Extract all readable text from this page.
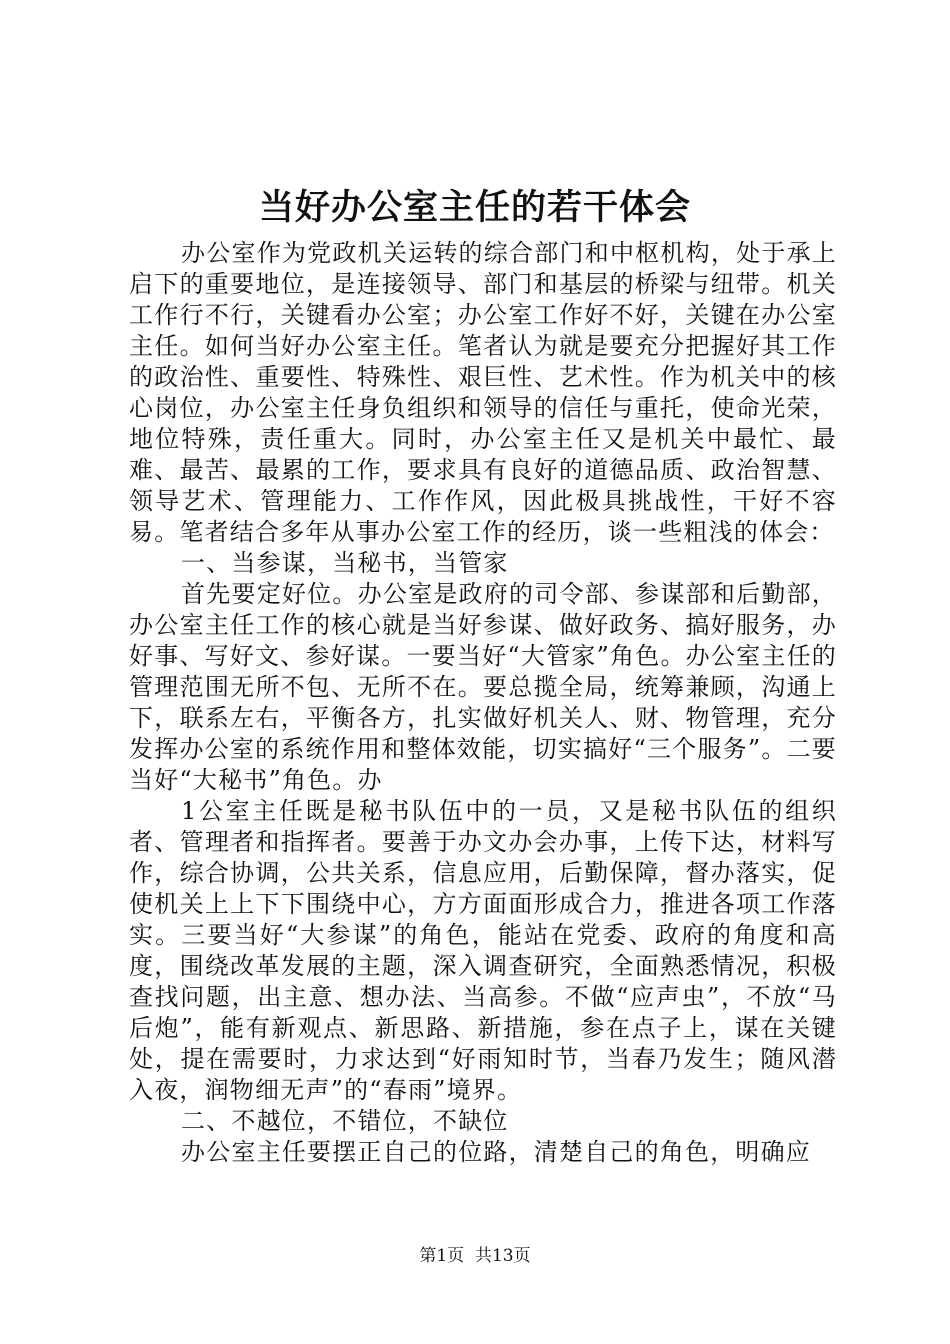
当好办公室主任的若干体会

办公室作为党政机关运转的综合部门和中枢机构，处于承上启下的重要地位，是连接领导、部门和基层的桥梁与纽带。机关工作行不行，关键看办公室；办公室工作好不好，关键在办公室主任。如何当好办公室主任。笔者认为就是要充分把握好其工作的政治性、重要性、特殊性、艰巨性、艺术性。作为机关中的核心岗位，办公室主任身负组织和领导的信任与重托，使命光荣，地位特殊，责任重大。同时，办公室主任又是机关中最忙、最难、最苦、最累的工作，要求具有良好的道德品质、政治智慧、领导艺术、管理能力、工作作风，因此极具挑战性，干好不容易。笔者结合多年从事办公室工作的经历，谈一些粗浅的体会：

一、当参谋，当秘书，当管家

首先要定好位。办公室是政府的司令部、参谋部和后勤部，办公室主任工作的核心就是当好参谋、做好政务、搞好服务，办好事、写好文、参好谋。一要当好“大管家”角色。办公室主任的管理范围无所不包、无所不在。要总揽全局，统筹兼顾，沟通上下，联系左右，平衡各方，扎实做好机关人、财、物管理，充分发挥办公室的系统作用和整体效能，切实搞好“三个服务”。二要当好“大秘书”角色。办

1公室主任既是秘书队伍中的一员，又是秘书队伍的组织者、管理者和指挥者。要善于办文办会办事，上传下达，材料写作，综合协调，公共关系，信息应用，后勤保障，督办落实，促使机关上上下下围绕中心，方方面面形成合力，推进各项工作落实。三要当好“大参谋”的角色，能站在党委、政府的角度和高度，围绕改革发展的主题，深入调查研究，全面熟悉情况，积极查找问题，出主意、想办法、当高参。不做“应声虫”，不放“马后炮”，能有新观点、新思路、新措施，参在点子上，谋在关键处，提在需要时，力求达到“好雨知时节，当春乃发生；随风潜入夜，润物细无声”的“春雨”境界。

二、不越位，不错位，不缺位

办公室主任要摆正自己的位路，清楚自己的角色，明确应

第1页  共13页
